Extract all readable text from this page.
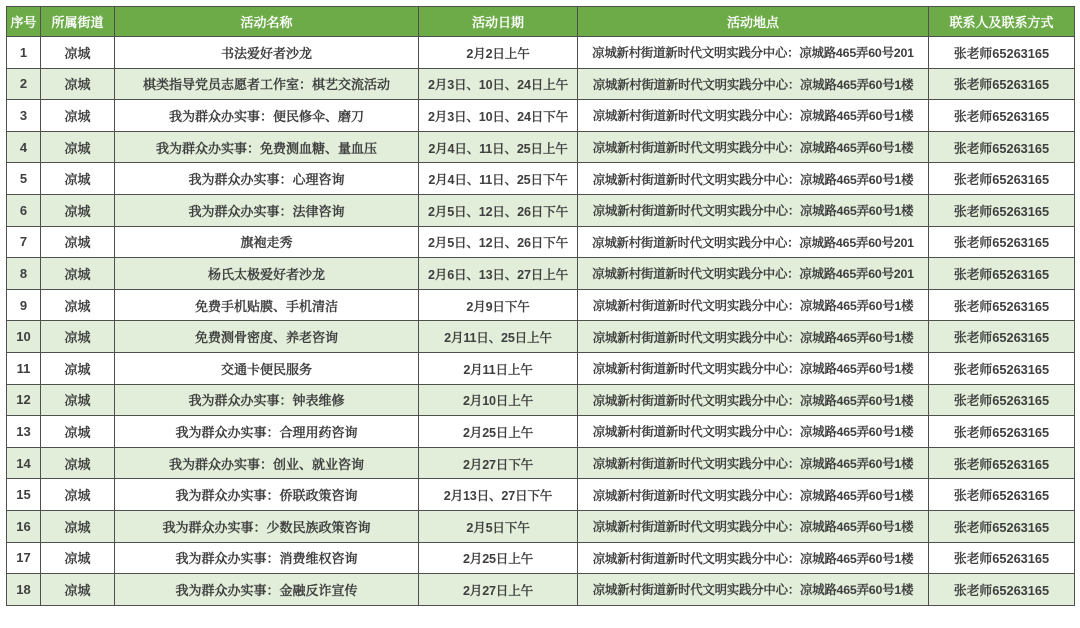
序号	所属街道	活动名称	活动日期	活动地点	联系人及联系方式
1	凉城	书法爱好者沙龙	2月2日上午	凉城新村街道新时代文明实践分中心：凉城路465弄60号201	张老师65263165
2	凉城	棋类指导党员志愿者工作室：棋艺交流活动	2月3日、10日、24日上午	凉城新村街道新时代文明实践分中心：凉城路465弄60号1楼	张老师65263165
3	凉城	我为群众办实事：便民修伞、磨刀	2月3日、10日、24日下午	凉城新村街道新时代文明实践分中心：凉城路465弄60号1楼	张老师65263165
4	凉城	我为群众办实事：免费测血糖、量血压	2月4日、11日、25日上午	凉城新村街道新时代文明实践分中心：凉城路465弄60号1楼	张老师65263165
5	凉城	我为群众办实事：心理咨询	2月4日、11日、25日下午	凉城新村街道新时代文明实践分中心：凉城路465弄60号1楼	张老师65263165
6	凉城	我为群众办实事：法律咨询	2月5日、12日、26日下午	凉城新村街道新时代文明实践分中心：凉城路465弄60号1楼	张老师65263165
7	凉城	旗袍走秀	2月5日、12日、26日下午	凉城新村街道新时代文明实践分中心：凉城路465弄60号201	张老师65263165
8	凉城	杨氏太极爱好者沙龙	2月6日、13日、27日上午	凉城新村街道新时代文明实践分中心：凉城路465弄60号201	张老师65263165
9	凉城	免费手机贴膜、手机清洁	2月9日下午	凉城新村街道新时代文明实践分中心：凉城路465弄60号1楼	张老师65263165
10	凉城	免费测骨密度、养老咨询	2月11日、25日上午	凉城新村街道新时代文明实践分中心：凉城路465弄60号1楼	张老师65263165
11	凉城	交通卡便民服务	2月11日上午	凉城新村街道新时代文明实践分中心：凉城路465弄60号1楼	张老师65263165
12	凉城	我为群众办实事：钟表维修	2月10日上午	凉城新村街道新时代文明实践分中心：凉城路465弄60号1楼	张老师65263165
13	凉城	我为群众办实事：合理用药咨询	2月25日上午	凉城新村街道新时代文明实践分中心：凉城路465弄60号1楼	张老师65263165
14	凉城	我为群众办实事：创业、就业咨询	2月27日下午	凉城新村街道新时代文明实践分中心：凉城路465弄60号1楼	张老师65263165
15	凉城	我为群众办实事：侨联政策咨询	2月13日、27日下午	凉城新村街道新时代文明实践分中心：凉城路465弄60号1楼	张老师65263165
16	凉城	我为群众办实事：少数民族政策咨询	2月5日下午	凉城新村街道新时代文明实践分中心：凉城路465弄60号1楼	张老师65263165
17	凉城	我为群众办实事：消费维权咨询	2月25日上午	凉城新村街道新时代文明实践分中心：凉城路465弄60号1楼	张老师65263165
18	凉城	我为群众办实事：金融反诈宣传	2月27日上午	凉城新村街道新时代文明实践分中心：凉城路465弄60号1楼	张老师65263165
